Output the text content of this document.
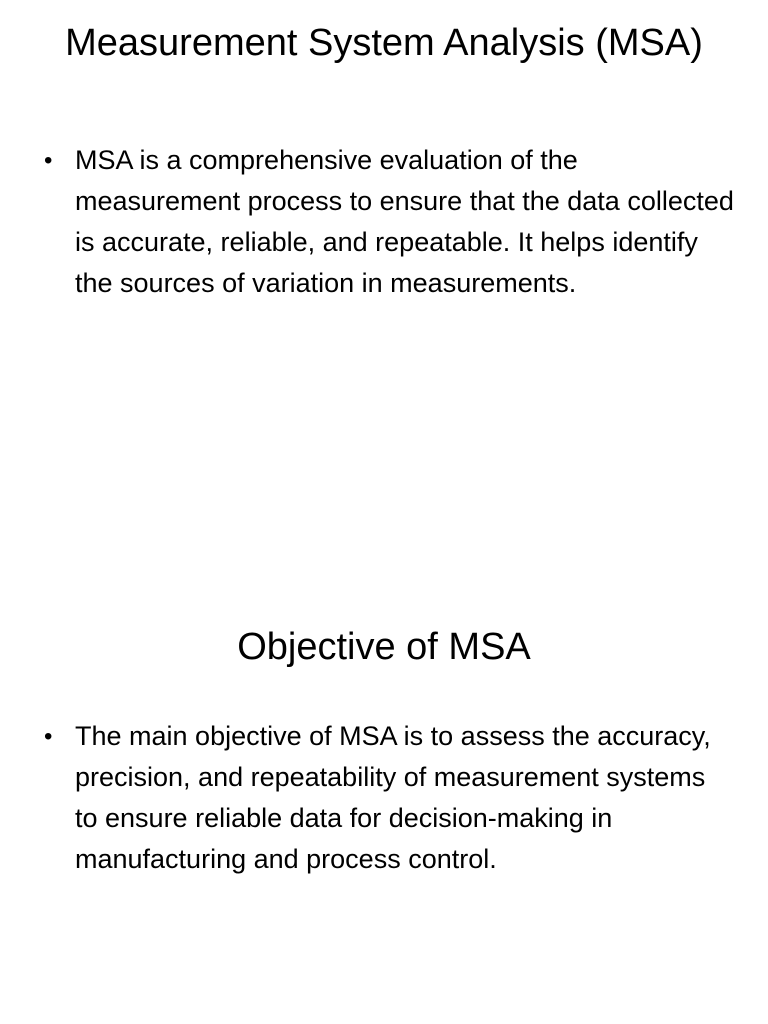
Measurement System Analysis (MSA)
• MSA is a comprehensive evaluation of the measurement process to ensure that the data collected is accurate, reliable, and repeatable. It helps identify the sources of variation in measurements.
Objective of MSA
• The main objective of MSA is to assess the accuracy, precision, and repeatability of measurement systems to ensure reliable data for decision-making in manufacturing and process control.
